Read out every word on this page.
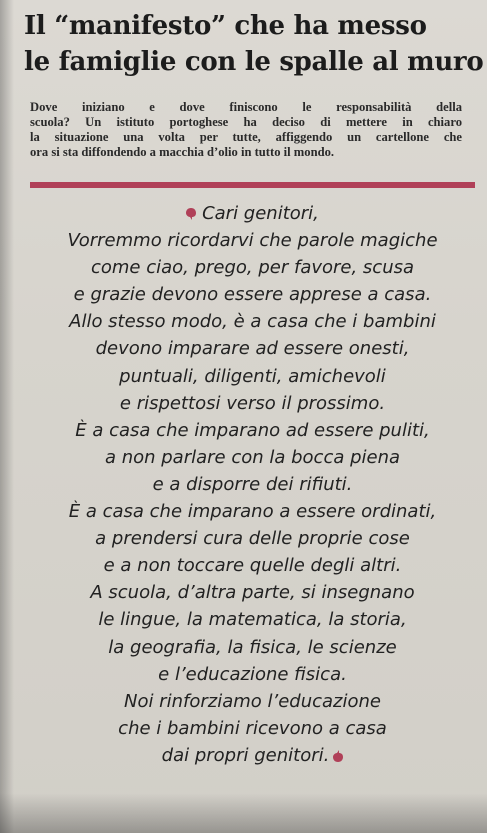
Il “manifesto” che ha messo
le famiglie con le spalle al muro

Dove iniziano e dove finiscono le responsabilità della
scuola? Un istituto portoghese ha deciso di mettere in chiaro
la situazione una volta per tutte, affiggendo un cartellone che
ora si sta diffondendo a macchia d’olio in tutto il mondo.

Cari genitori,
Vorremmo ricordarvi che parole magiche
come ciao, prego, per favore, scusa
e grazie devono essere apprese a casa.
Allo stesso modo, è a casa che i bambini
devono imparare ad essere onesti,
puntuali, diligenti, amichevoli
e rispettosi verso il prossimo.
È a casa che imparano ad essere puliti,
a non parlare con la bocca piena
e a disporre dei rifiuti.
È a casa che imparano a essere ordinati,
a prendersi cura delle proprie cose
e a non toccare quelle degli altri.
A scuola, d’altra parte, si insegnano
le lingue, la matematica, la storia,
la geografia, la fisica, le scienze
e l’educazione fisica.
Noi rinforziamo l’educazione
che i bambini ricevono a casa
dai propri genitori.
